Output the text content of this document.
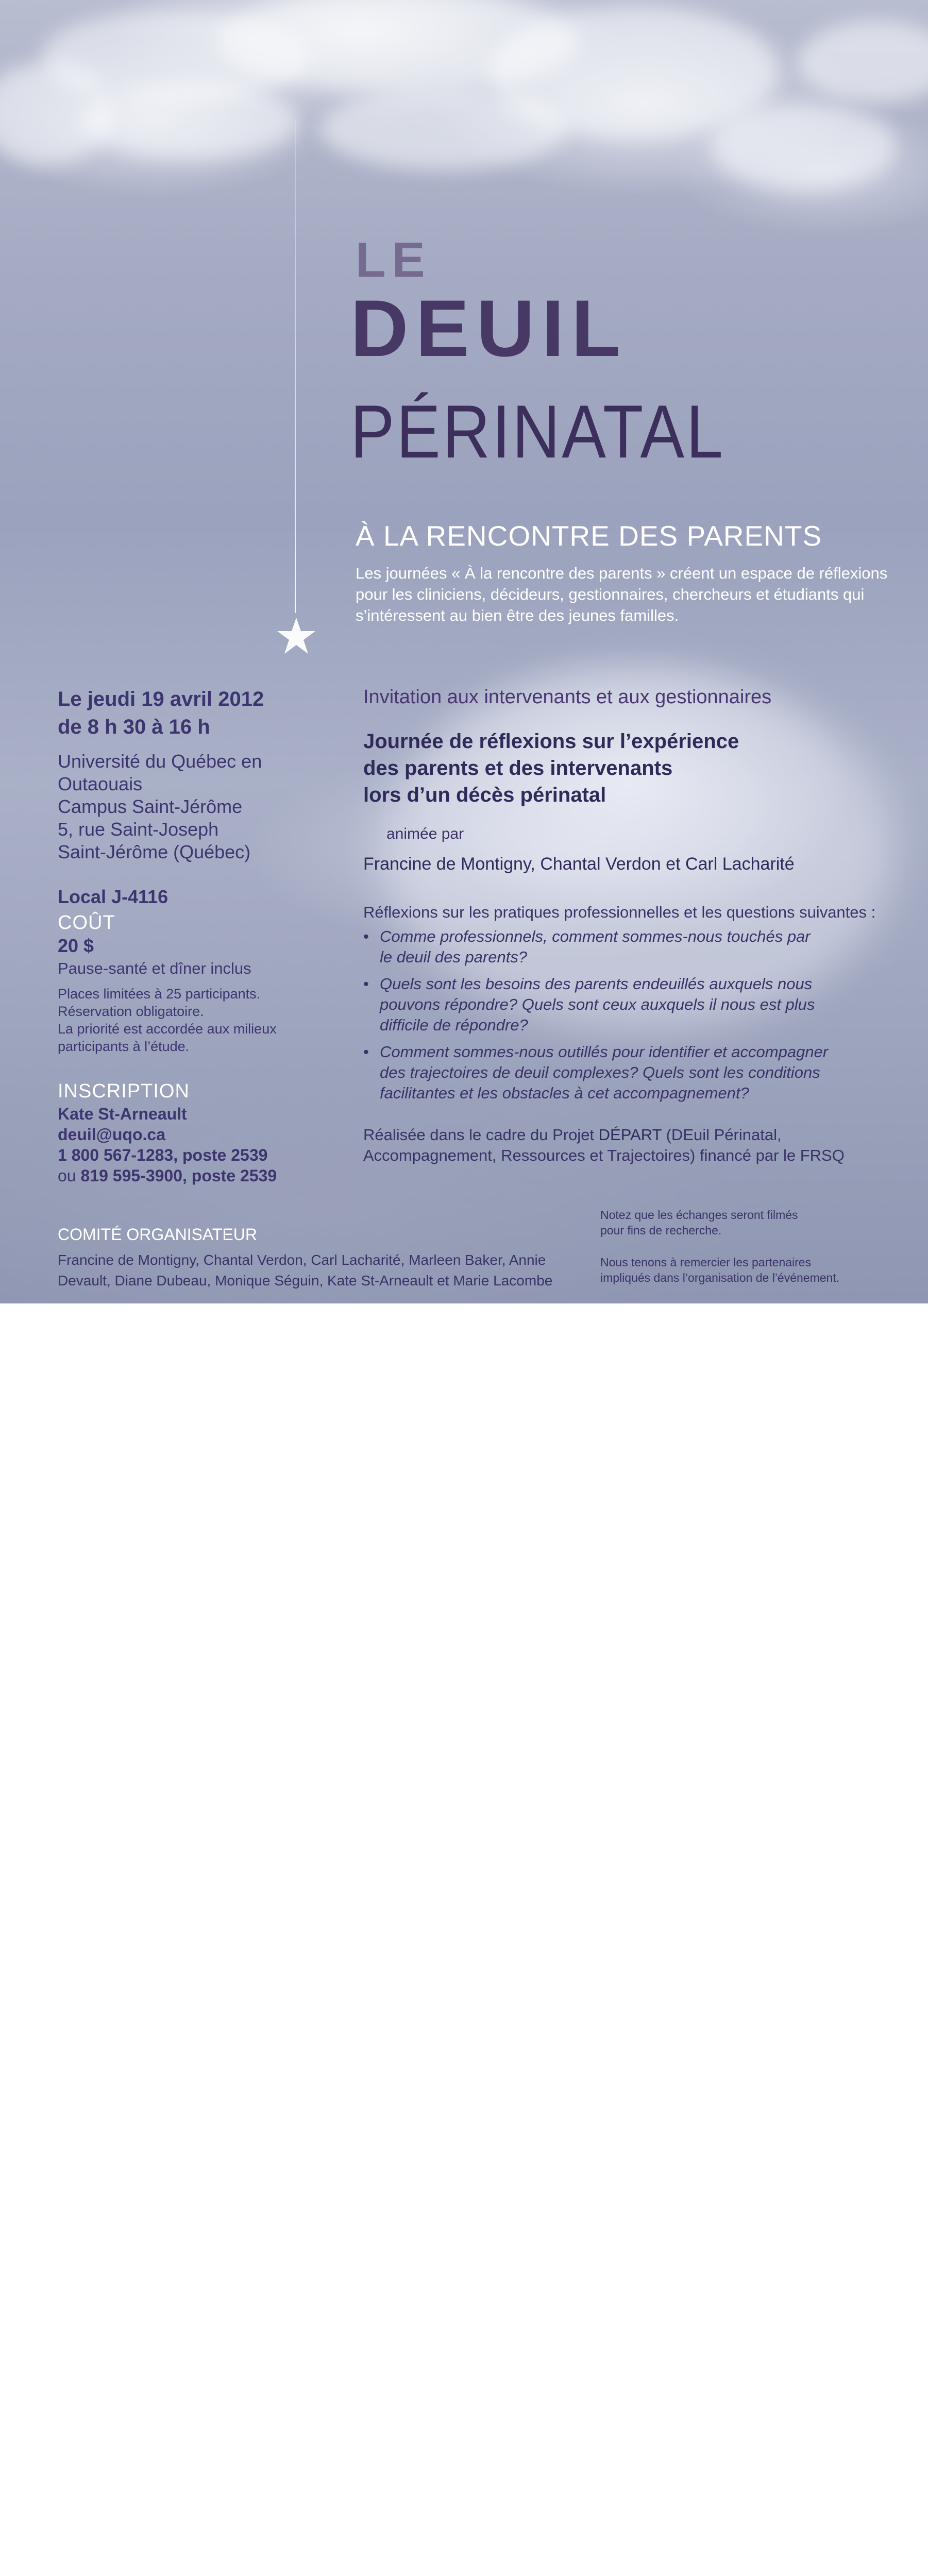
LE
DEUIL
PÉRINATAL
À LA RENCONTRE DES PARENTS
Les journées « À la rencontre des parents » créent un espace de réflexions pour les cliniciens, décideurs, gestionnaires, chercheurs et étudiants qui s’intéressent au bien être des jeunes familles.
Le jeudi 19 avril 2012
de 8 h 30 à 16 h
Université du Québec en
Outaouais
Campus Saint-Jérôme
5, rue Saint-Joseph
Saint-Jérôme (Québec)
Local J-4116
COÛT
20 $
Pause-santé et dîner inclus
Places limitées à 25 participants.
Réservation obligatoire.
La priorité est accordée aux milieux
participants à l’étude.
INSCRIPTION
Kate St-Arneault
deuil@uqo.ca
1 800 567-1283, poste 2539
ou 819 595-3900, poste 2539
Invitation aux intervenants et aux gestionnaires
Journée de réflexions sur l’expérience
des parents et des intervenants
lors d’un décès périnatal
animée par
Francine de Montigny, Chantal Verdon et Carl Lacharité
Réflexions sur les pratiques professionnelles et les questions suivantes :
• Comme professionnels, comment sommes-nous touchés par
le deuil des parents?
• Quels sont les besoins des parents endeuillés auxquels nous
pouvons répondre? Quels sont ceux auxquels il nous est plus
difficile de répondre?
• Comment sommes-nous outillés pour identifier et accompagner
des trajectoires de deuil complexes? Quels sont les conditions
facilitantes et les obstacles à cet accompagnement?
Réalisée dans le cadre du Projet DÉPART (DEuil Périnatal,
Accompagnement, Ressources et Trajectoires) financé par le FRSQ
COMITÉ ORGANISATEUR
Francine de Montigny, Chantal Verdon, Carl Lacharité, Marleen Baker, Annie
Devault, Diane Dubeau, Monique Séguin, Kate St-Arneault et Marie Lacombe
Notez que les échanges seront filmés
pour fins de recherche.
Nous tenons à remercier les partenaires
impliqués dans l’organisation de l’événement.
